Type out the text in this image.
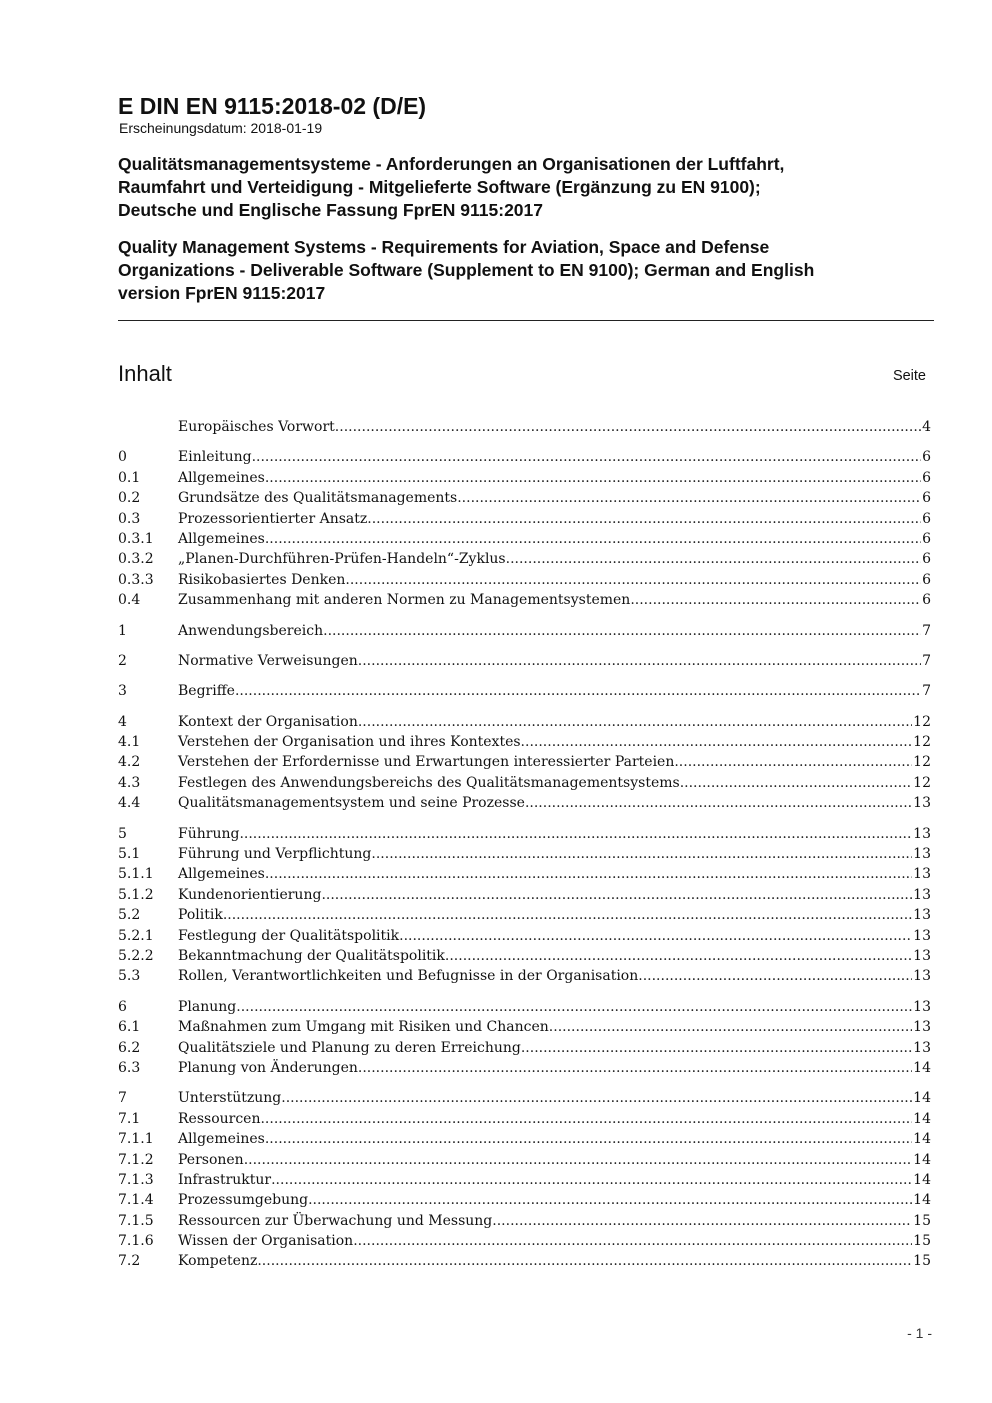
E DIN EN 9115:2018-02 (D/E)
Erscheinungsdatum: 2018-01-19
Qualitätsmanagementsysteme - Anforderungen an Organisationen der Luftfahrt,
Raumfahrt und Verteidigung - Mitgelieferte Software (Ergänzung zu EN 9100);
Deutsche und Englische Fassung FprEN 9115:2017
Quality Management Systems - Requirements for Aviation, Space and Defense
Organizations - Deliverable Software (Supplement to EN 9100); German and English
version FprEN 9115:2017
Inhalt	Seite
Europäisches Vorwort .....	4
0	Einleitung .....	6
0.1	Allgemeines .....	6
0.2	Grundsätze des Qualitätsmanagements .....	6
0.3	Prozessorientierter Ansatz .....	6
0.3.1	Allgemeines .....	6
0.3.2	„Planen-Durchführen-Prüfen-Handeln“-Zyklus .....	6
0.3.3	Risikobasiertes Denken .....	6
0.4	Zusammenhang mit anderen Normen zu Managementsystemen .....	6
1	Anwendungsbereich .....	7
2	Normative Verweisungen .....	7
3	Begriffe .....	7
4	Kontext der Organisation .....	12
4.1	Verstehen der Organisation und ihres Kontextes .....	12
4.2	Verstehen der Erfordernisse und Erwartungen interessierter Parteien .....	12
4.3	Festlegen des Anwendungsbereichs des Qualitätsmanagementsystems .....	12
4.4	Qualitätsmanagementsystem und seine Prozesse .....	13
5	Führung .....	13
5.1	Führung und Verpflichtung .....	13
5.1.1	Allgemeines .....	13
5.1.2	Kundenorientierung .....	13
5.2	Politik .....	13
5.2.1	Festlegung der Qualitätspolitik .....	13
5.2.2	Bekanntmachung der Qualitätspolitik .....	13
5.3	Rollen, Verantwortlichkeiten und Befugnisse in der Organisation .....	13
6	Planung .....	13
6.1	Maßnahmen zum Umgang mit Risiken und Chancen .....	13
6.2	Qualitätsziele und Planung zu deren Erreichung .....	13
6.3	Planung von Änderungen .....	14
7	Unterstützung .....	14
7.1	Ressourcen .....	14
7.1.1	Allgemeines .....	14
7.1.2	Personen .....	14
7.1.3	Infrastruktur .....	14
7.1.4	Prozessumgebung .....	14
7.1.5	Ressourcen zur Überwachung und Messung .....	15
7.1.6	Wissen der Organisation .....	15
7.2	Kompetenz .....	15
- 1 -
